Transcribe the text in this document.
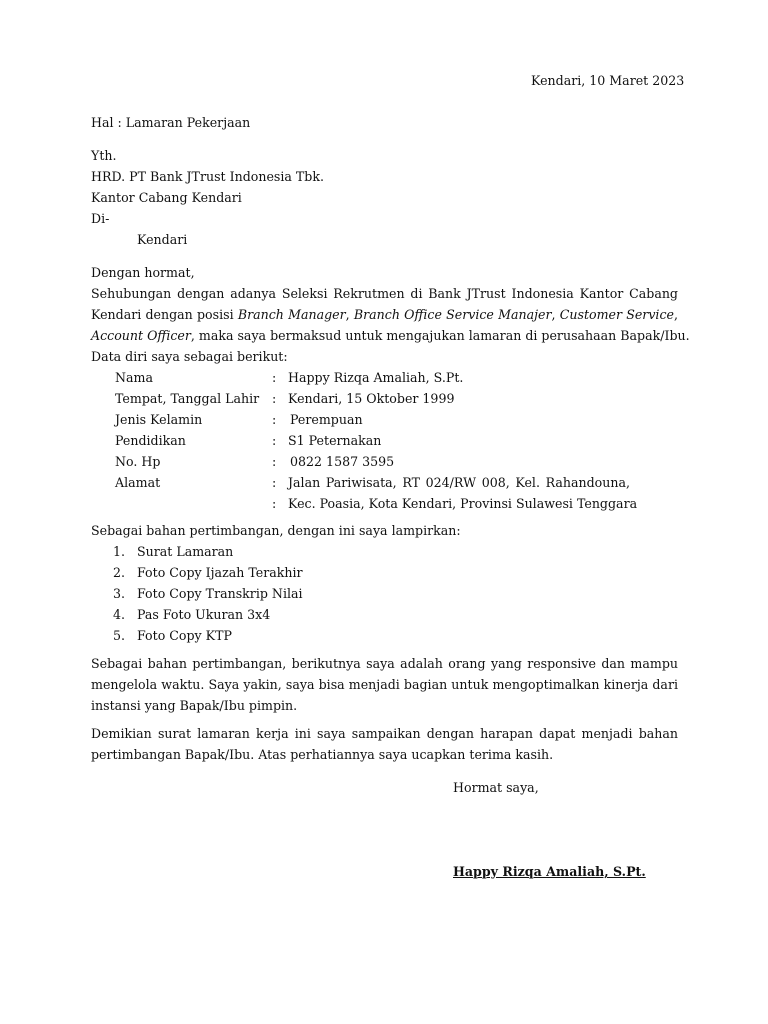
Kendari, 10 Maret 2023
Hal : Lamaran Pekerjaan
Yth.
HRD. PT Bank JTrust Indonesia Tbk.
Kantor Cabang Kendari
Di-
Kendari
Dengan hormat,
Sehubungan dengan adanya Seleksi Rekrutmen di Bank JTrust Indonesia Kantor Cabang
Kendari dengan posisi Branch Manager, Branch Office Service Manajer, Customer Service,
Account Officer, maka saya bermaksud untuk mengajukan lamaran di perusahaan Bapak/Ibu.
Data diri saya sebagai berikut:
Nama	: Happy Rizqa Amaliah, S.Pt.
Tempat, Tanggal Lahir : Kendari, 15 Oktober 1999
Jenis Kelamin	: Perempuan
Pendidikan	: S1 Peternakan
No. Hp	: 0822 1587 3595
Alamat	: Jalan Pariwisata, RT 024/RW 008, Kel. Rahandouna,
: Kec. Poasia, Kota Kendari, Provinsi Sulawesi Tenggara
Sebagai bahan pertimbangan, dengan ini saya lampirkan:
1. Surat Lamaran
2. Foto Copy Ijazah Terakhir
3. Foto Copy Transkrip Nilai
4. Pas Foto Ukuran 3x4
5. Foto Copy KTP
Sebagai bahan pertimbangan, berikutnya saya adalah orang yang responsive dan mampu
mengelola waktu. Saya yakin, saya bisa menjadi bagian untuk mengoptimalkan kinerja dari
instansi yang Bapak/Ibu pimpin.
Demikian surat lamaran kerja ini saya sampaikan dengan harapan dapat menjadi bahan
pertimbangan Bapak/Ibu. Atas perhatiannya saya ucapkan terima kasih.
Hormat saya,
Happy Rizqa Amaliah, S.Pt.
